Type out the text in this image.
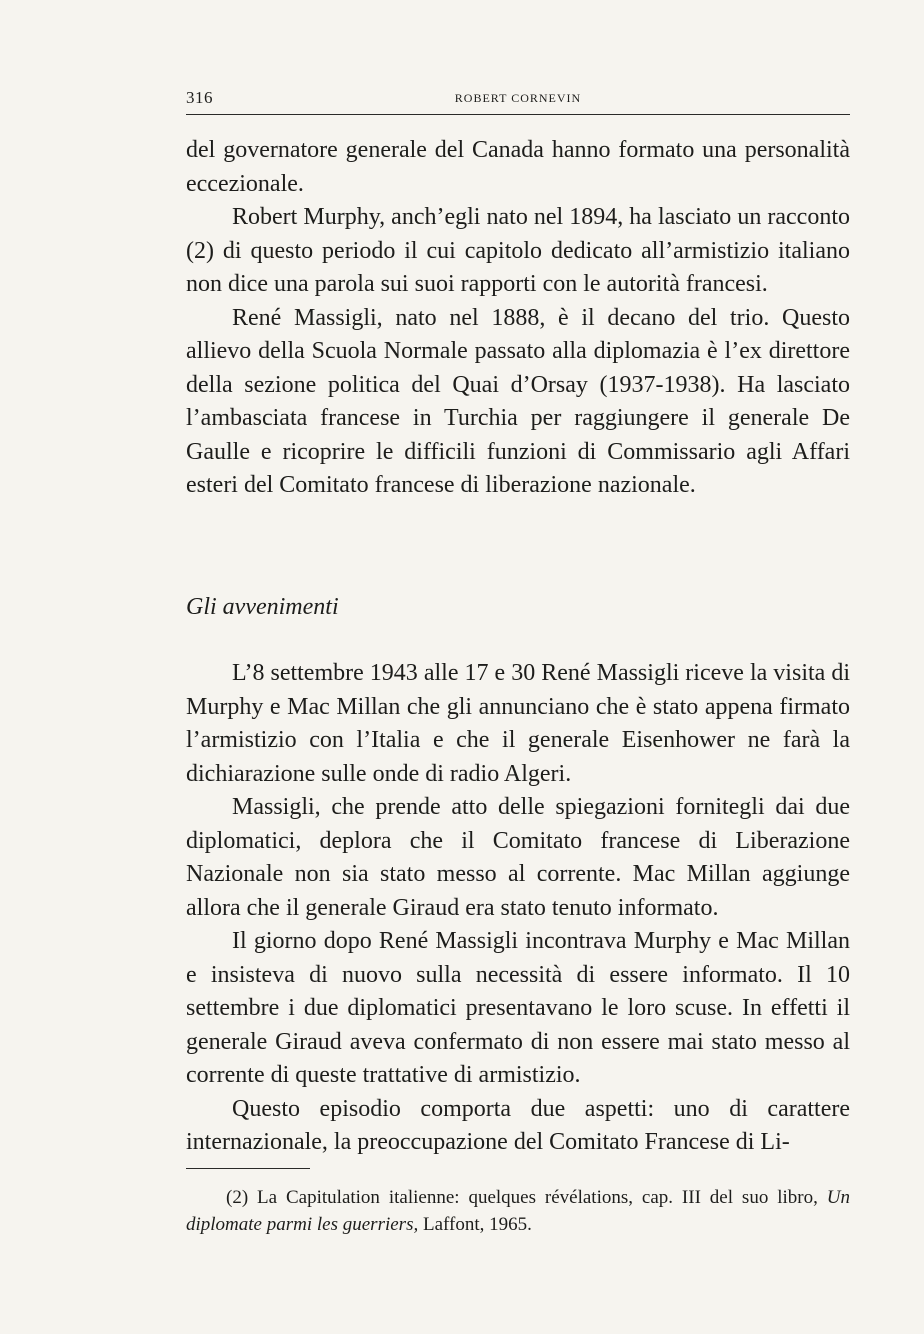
316	ROBERT CORNEVIN

del governatore generale del Canada hanno formato una personalità eccezionale.

Robert Murphy, anch’egli nato nel 1894, ha lasciato un racconto (2) di questo periodo il cui capitolo dedicato all’armistizio italiano non dice una parola sui suoi rapporti con le autorità francesi.

René Massigli, nato nel 1888, è il decano del trio. Questo allievo della Scuola Normale passato alla diplomazia è l’ex direttore della sezione politica del Quai d’Orsay (1937-1938). Ha lasciato l’ambasciata francese in Turchia per raggiungere il generale De Gaulle e ricoprire le difficili funzioni di Commissario agli Affari esteri del Comitato francese di liberazione nazionale.

Gli avvenimenti

L’8 settembre 1943 alle 17 e 30 René Massigli riceve la visita di Murphy e Mac Millan che gli annunciano che è stato appena firmato l’armistizio con l’Italia e che il generale Eisenhower ne farà la dichiarazione sulle onde di radio Algeri.

Massigli, che prende atto delle spiegazioni fornitegli dai due diplomatici, deplora che il Comitato francese di Liberazione Nazionale non sia stato messo al corrente. Mac Millan aggiunge allora che il generale Giraud era stato tenuto informato.

Il giorno dopo René Massigli incontrava Murphy e Mac Millan e insisteva di nuovo sulla necessità di essere informato. Il 10 settembre i due diplomatici presentavano le loro scuse. In effetti il generale Giraud aveva confermato di non essere mai stato messo al corrente di queste trattative di armistizio.

Questo episodio comporta due aspetti: uno di carattere internazionale, la preoccupazione del Comitato Francese di Li-

(2) La Capitulation italienne: quelques révélations, cap. III del suo libro, Un diplomate parmi les guerriers, Laffont, 1965.
